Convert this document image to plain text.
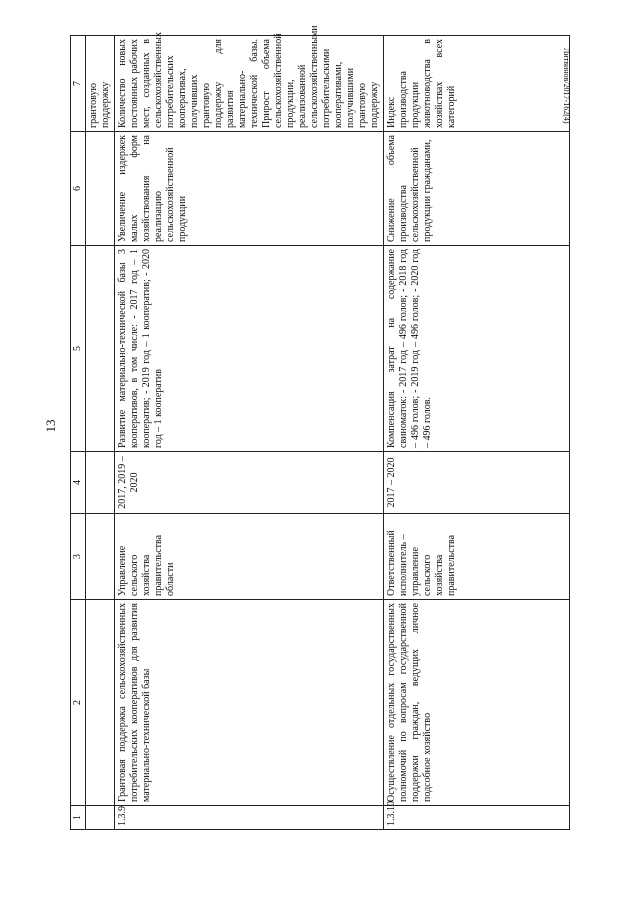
13
Литвинов/2017-162(4)
1	2	3	4	5	6	7
						грантовую поддержку
1.3.9	Грантовая поддержка сельскохозяйственных потребительских кооперативов для развития материально-технической базы	Управление сельского хозяйства правительства области	2017, 2019 – 2020	Развитие материально-технической базы 3 кооперативов, в том числе: - 2017 год – 1 кооператив; - 2019 год – 1 кооператив; - 2020 год – 1 кооператив	Увеличение издержек малых форм хозяйствования на реализацию сельскохозяйственной продукции	Количество новых постоянных рабочих мест, созданных в сельскохозяйственных потребительских кооперативах, получивших грантовую поддержку для развития материально-технической базы. Прирост объема сельскохозяйственной продукции, реализованной сельскохозяйственными потребительскими кооперативами, получившими грантовую поддержку
1.3.10	Осуществление отдельных государственных полномочий по вопросам государственной поддержки граждан, ведущих личное подсобное хозяйство	Ответственный исполнитель – управление сельского хозяйства правительства	2017 – 2020	Компенсация затрат на содержание свиноматок: - 2017 год – 496 голов; - 2018 год – 496 голов; - 2019 год – 496 голов; - 2020 год – 496 голов.	Снижение объема производства сельскохозяйственной продукции гражданами,	Индекс производства продукции животноводства в хозяйствах всех категорий
